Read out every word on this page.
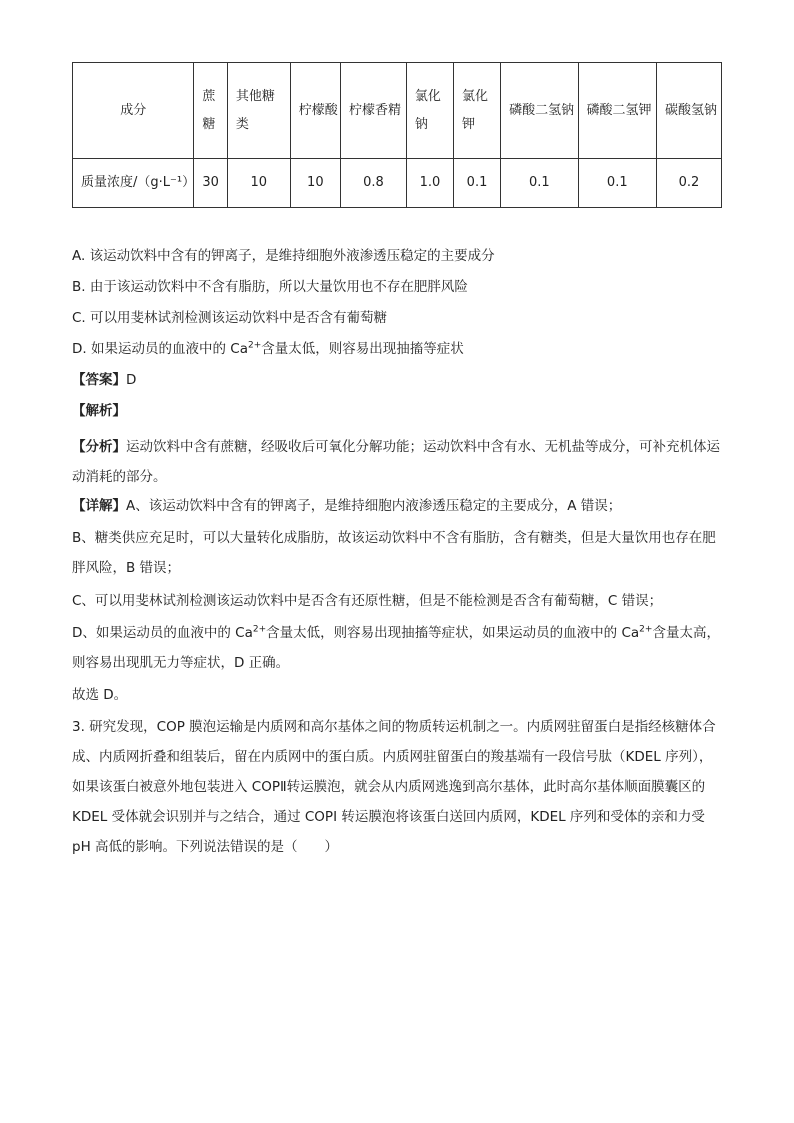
成分	蔗糖	其他糖类	柠檬酸	柠檬香精	氯化钠	氯化钾	磷酸二氢钠	磷酸二氢钾	碳酸氢钠
质量浓度/（g·L⁻¹）	30	10	10	0.8	1.0	0.1	0.1	0.1	0.2
A. 该运动饮料中含有的钾离子，是维持细胞外液渗透压稳定的主要成分
B. 由于该运动饮料中不含有脂肪，所以大量饮用也不存在肥胖风险
C. 可以用斐林试剂检测该运动饮料中是否含有葡萄糖
D. 如果运动员的血液中的 $Ca^{2+}$含量太低，则容易出现抽搐等症状
【答案】D
【解析】
【分析】运动饮料中含有蔗糖，经吸收后可氧化分解功能；运动饮料中含有水、无机盐等成分，可补充机体运动消耗的部分。
【详解】A、该运动饮料中含有的钾离子，是维持细胞内液渗透压稳定的主要成分，A 错误；
B、糖类供应充足时，可以大量转化成脂肪，故该运动饮料中不含有脂肪，含有糖类，但是大量饮用也存在肥胖风险，B 错误；
C、可以用斐林试剂检测该运动饮料中是否含有还原性糖，但是不能检测是否含有葡萄糖，C 错误；
D、如果运动员的血液中的 $Ca^{2+}$含量太低，则容易出现抽搐等症状，如果运动员的血液中的 $Ca^{2+}$含量太高，则容易出现肌无力等症状，D 正确。
故选 D。
3. 研究发现，COP 膜泡运输是内质网和高尔基体之间的物质转运机制之一。内质网驻留蛋白是指经核糖体合成、内质网折叠和组装后，留在内质网中的蛋白质。内质网驻留蛋白的羧基端有一段信号肽（KDEL 序列），如果该蛋白被意外地包装进入 COPⅡ转运膜泡，就会从内质网逃逸到高尔基体，此时高尔基体顺面膜囊区的 KDEL 受体就会识别并与之结合，通过 COPI 转运膜泡将该蛋白送回内质网，KDEL 序列和受体的亲和力受 pH 高低的影响。下列说法错误的是（　　）
